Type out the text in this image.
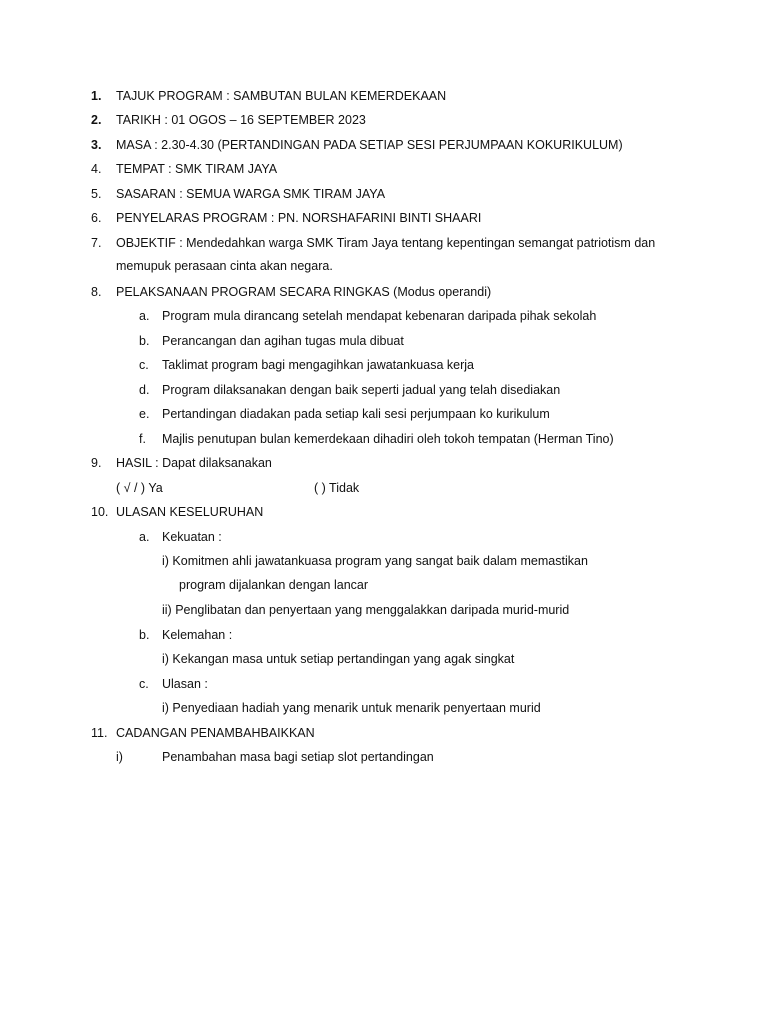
1.	TAJUK PROGRAM : SAMBUTAN BULAN KEMERDEKAAN
2.	TARIKH : 01 OGOS – 16 SEPTEMBER 2023
3.	MASA : 2.30-4.30 (PERTANDINGAN PADA SETIAP SESI PERJUMPAAN KOKURIKULUM)
4.	TEMPAT : SMK TIRAM JAYA
5.	SASARAN : SEMUA WARGA SMK TIRAM JAYA
6.	PENYELARAS PROGRAM : PN. NORSHAFARINI BINTI SHAARI
7.	OBJEKTIF : Mendedahkan warga SMK Tiram Jaya tentang kepentingan semangat patriotism dan
memupuk perasaan cinta akan negara.
8.	PELAKSANAAN PROGRAM SECARA RINGKAS (Modus operandi)
a.	Program mula dirancang setelah mendapat kebenaran daripada pihak sekolah
b.	Perancangan dan agihan tugas mula dibuat
c.	Taklimat program bagi mengagihkan jawatankuasa kerja
d.	Program dilaksanakan dengan baik seperti jadual yang telah disediakan
e.	Pertandingan diadakan pada setiap kali sesi perjumpaan ko kurikulum
f.	Majlis penutupan bulan kemerdekaan dihadiri oleh tokoh tempatan (Herman Tino)
9.	HASIL : Dapat dilaksanakan
( √ / ) Ya	( ) Tidak
10. ULASAN KESELURUHAN
a.	Kekuatan :
i) Komitmen ahli jawatankuasa program yang sangat baik dalam memastikan
program dijalankan dengan lancar
ii) Penglibatan dan penyertaan yang menggalakkan daripada murid-murid
b.	Kelemahan :
i) Kekangan masa untuk setiap pertandingan yang agak singkat
c.	Ulasan :
i) Penyediaan hadiah yang menarik untuk menarik penyertaan murid
11. CADANGAN PENAMBAHBAIKKAN
i)	Penambahan masa bagi setiap slot pertandingan
